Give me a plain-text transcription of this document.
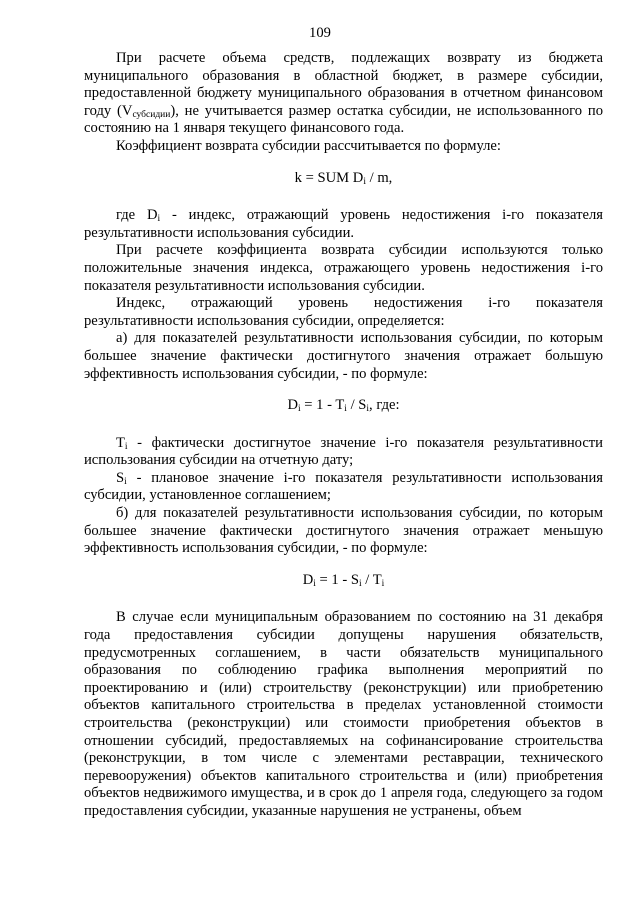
109

При расчете объема средств, подлежащих возврату из бюджета муниципального образования в областной бюджет, в размере субсидии, предоставленной бюджету муниципального образования в отчетном финансовом году $(V_{субсидии})$, не учитывается размер остатка субсидии, не использованного по состоянию на 1 января текущего финансового года.

Коэффициент возврата субсидии рассчитывается по формуле:

k = SUM $D_i$ / m,

где $D_i$ - индекс, отражающий уровень недостижения i-го показателя результативности использования субсидии.

При расчете коэффициента возврата субсидии используются только положительные значения индекса, отражающего уровень недостижения i-го показателя результативности использования субсидии.

Индекс, отражающий уровень недостижения i-го показателя результативности использования субсидии, определяется:

а) для показателей результативности использования субсидии, по которым большее значение фактически достигнутого значения отражает большую эффективность использования субсидии, - по формуле:

$D_i = 1 - T_i / S_i$, где:

$T_i$ - фактически достигнутое значение i-го показателя результативности использования субсидии на отчетную дату;

$S_i$ - плановое значение i-го показателя результативности использования субсидии, установленное соглашением;

б) для показателей результативности использования субсидии, по которым большее значение фактически достигнутого значения отражает меньшую эффективность использования субсидии, - по формуле:

$D_i = 1 - S_i / T_i$

В случае если муниципальным образованием по состоянию на 31 декабря года предоставления субсидии допущены нарушения обязательств, предусмотренных соглашением, в части обязательств муниципального образования по соблюдению графика выполнения мероприятий по проектированию и (или) строительству (реконструкции) или приобретению объектов капитального строительства в пределах установленной стоимости строительства (реконструкции) или стоимости приобретения объектов в отношении субсидий, предоставляемых на софинансирование строительства (реконструкции, в том числе с элементами реставрации, технического перевооружения) объектов капитального строительства и (или) приобретения объектов недвижимого имущества, и в срок до 1 апреля года, следующего за годом предоставления субсидии, указанные нарушения не устранены, объем
